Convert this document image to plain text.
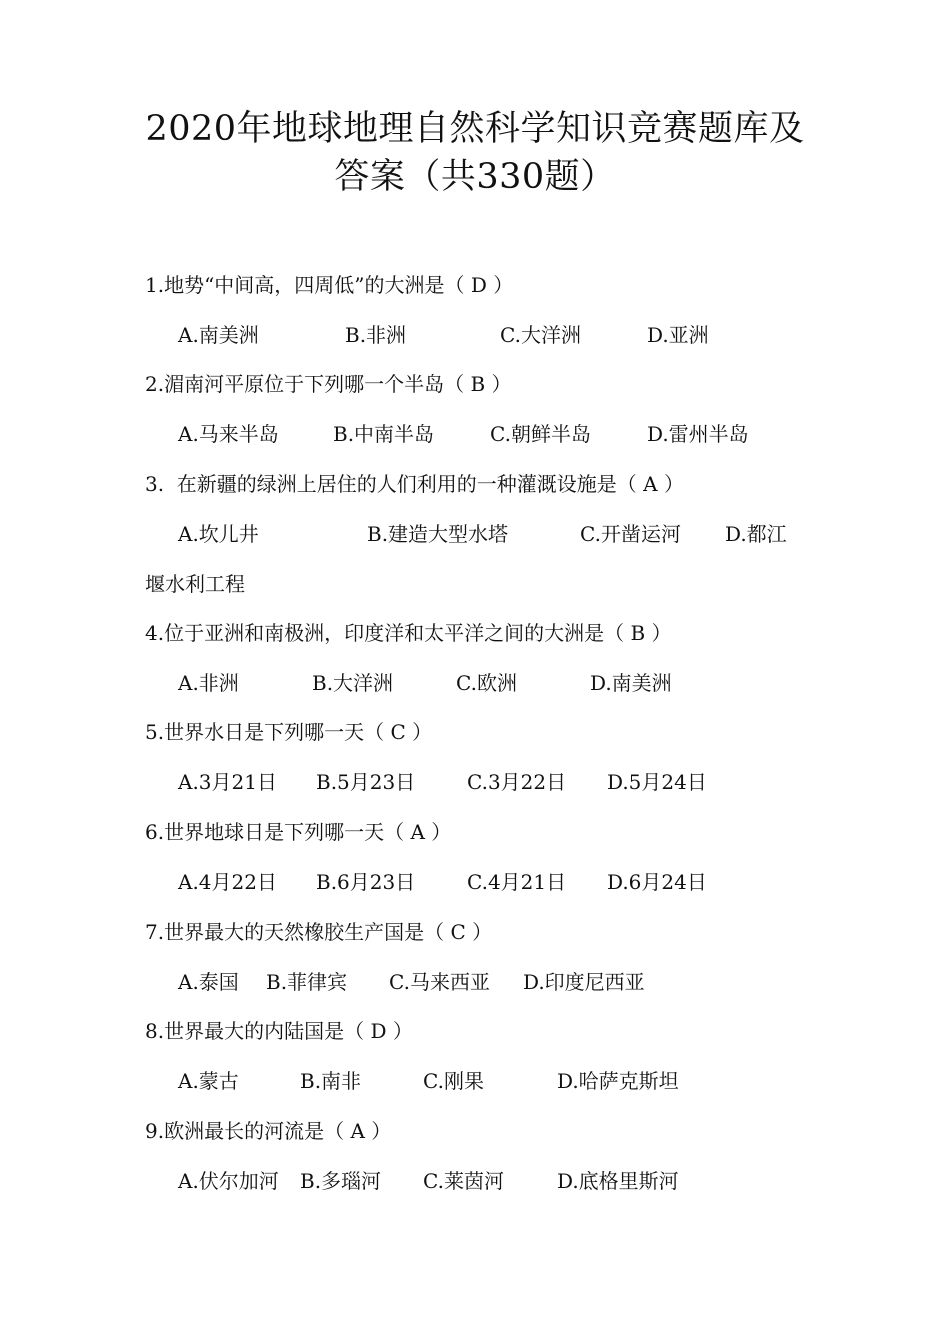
2020年地球地理自然科学知识竞赛题库及
答案（共330题）
1.地势“中间高，四周低”的大洲是（ D ）
A.南美洲	B.非洲	C.大洋洲	D.亚洲
2.湄南河平原位于下列哪一个半岛（ B ）
A.马来半岛	B.中南半岛	C.朝鲜半岛	D.雷州半岛
3.  在新疆的绿洲上居住的人们利用的一种灌溉设施是（ A ）
A.坎儿井	B.建造大型水塔	C.开凿运河 D.都江
堰水利工程
4.位于亚洲和南极洲，印度洋和太平洋之间的大洲是（ B ）
A.非洲	B.大洋洲	C.欧洲	D.南美洲
5.世界水日是下列哪一天（ C ）
A.3月21日 B.5月23日	C.3月22日 D.5月24日
6.世界地球日是下列哪一天（ A ）
A.4月22日 B.6月23日	C.4月21日 D.6月24日
7.世界最大的天然橡胶生产国是（ C ）
A.泰国 B.菲律宾 C.马来西亚 D.印度尼西亚
8.世界最大的内陆国是（ D ）
A.蒙古	B.南非	C.刚果	D.哈萨克斯坦
9.欧洲最长的河流是（ A ）
A.伏尔加河 B.多瑙河 C.莱茵河	D.底格里斯河
